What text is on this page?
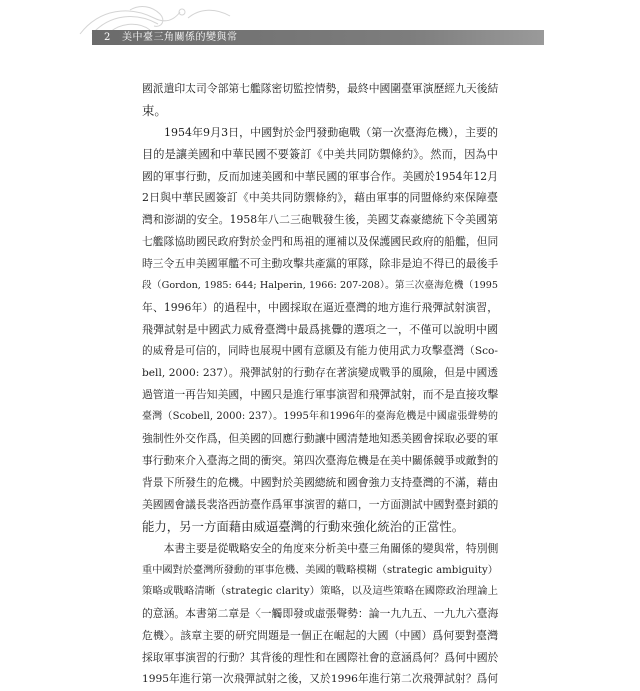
2 美中臺三角關係的變與常
國派遣印太司令部第七艦隊密切監控情勢，最終中國圍臺軍演歷經九天後結
束。
　　1954年9月3日，中國對於金門發動砲戰（第一次臺海危機），主要的
目的是讓美國和中華民國不要簽訂《中美共同防禦條約》。然而，因為中
國的軍事行動，反而加速美國和中華民國的軍事合作。美國於1954年12月
2日與中華民國簽訂《中美共同防禦條約》，藉由軍事的同盟條約來保障臺
灣和澎湖的安全。1958年八二三砲戰發生後，美國艾森豪總統下令美國第
七艦隊協助國民政府對於金門和馬祖的運補以及保護國民政府的船艦，但同
時三令五申美國軍艦不可主動攻擊共產黨的軍隊，除非是迫不得已的最後手
段（Gordon, 1985: 644; Halperin, 1966: 207-208）。第三次臺海危機（1995
年、1996年）的過程中，中國採取在逼近臺灣的地方進行飛彈試射演習，
飛彈試射是中國武力威脅臺灣中最爲挑釁的選項之一，不僅可以說明中國
的威脅是可信的，同時也展現中國有意願及有能力使用武力攻擊臺灣（Sco-
bell, 2000: 237）。飛彈試射的行動存在著演變成戰爭的風險，但是中國透
過管道一再告知美國，中國只是進行軍事演習和飛彈試射，而不是直接攻擊
臺灣（Scobell, 2000: 237）。1995年和1996年的臺海危機是中國虛張聲勢的
強制性外交作爲，但美國的回應行動讓中國清楚地知悉美國會採取必要的軍
事行動來介入臺海之間的衝突。第四次臺海危機是在美中關係競爭或敵對的
背景下所發生的危機。中國對於美國總統和國會強力支持臺灣的不滿，藉由
美國國會議長裴洛西訪臺作爲軍事演習的藉口，一方面測試中國對臺封鎖的
能力，另一方面藉由威逼臺灣的行動來強化統治的正當性。
　　本書主要是從戰略安全的角度來分析美中臺三角關係的變與常，特別側
重中國對於臺灣所發動的軍事危機、美國的戰略模糊（strategic ambiguity）
策略或戰略清晰（strategic clarity）策略，以及這些策略在國際政治理論上
的意涵。本書第二章是〈一觸即發或虛張聲勢：論一九九五、一九九六臺海
危機〉。該章主要的研究問題是一個正在崛起的大國（中國）爲何要對臺灣
採取軍事演習的行動？其背後的理性和在國際社會的意涵爲何？爲何中國於
1995年進行第一次飛彈試射之後，又於1996年進行第二次飛彈試射？爲何
